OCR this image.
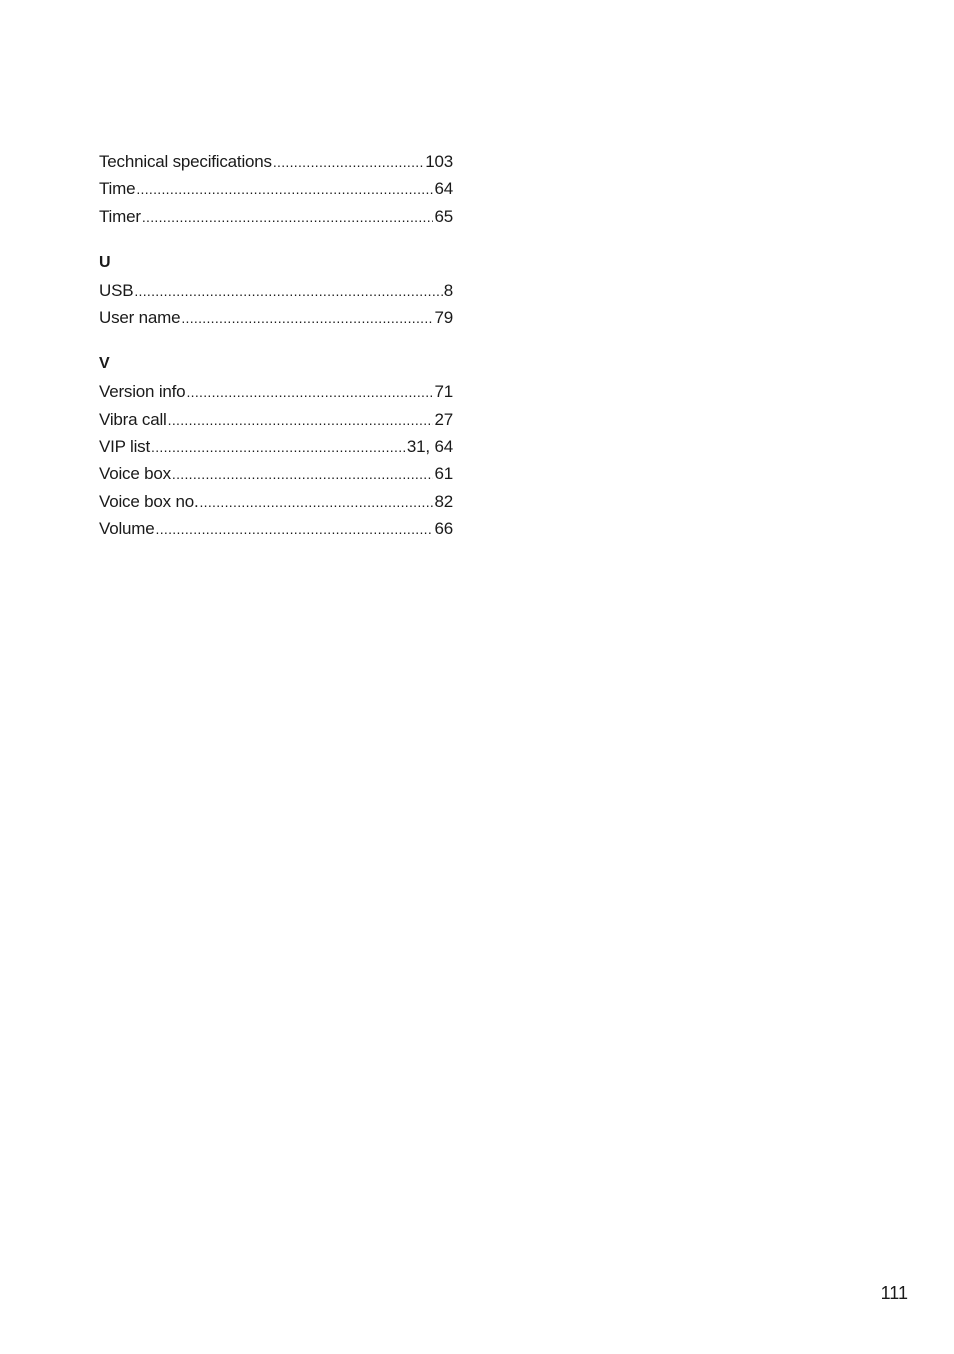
Technical specifications .....	103
Time .....	64
Timer .....	65
U
USB .....	8
User name .....	79
V
Version info .....	71
Vibra call .....	27
VIP list .....	31, 64
Voice box .....	61
Voice box no. .....	82
Volume .....	66
111
